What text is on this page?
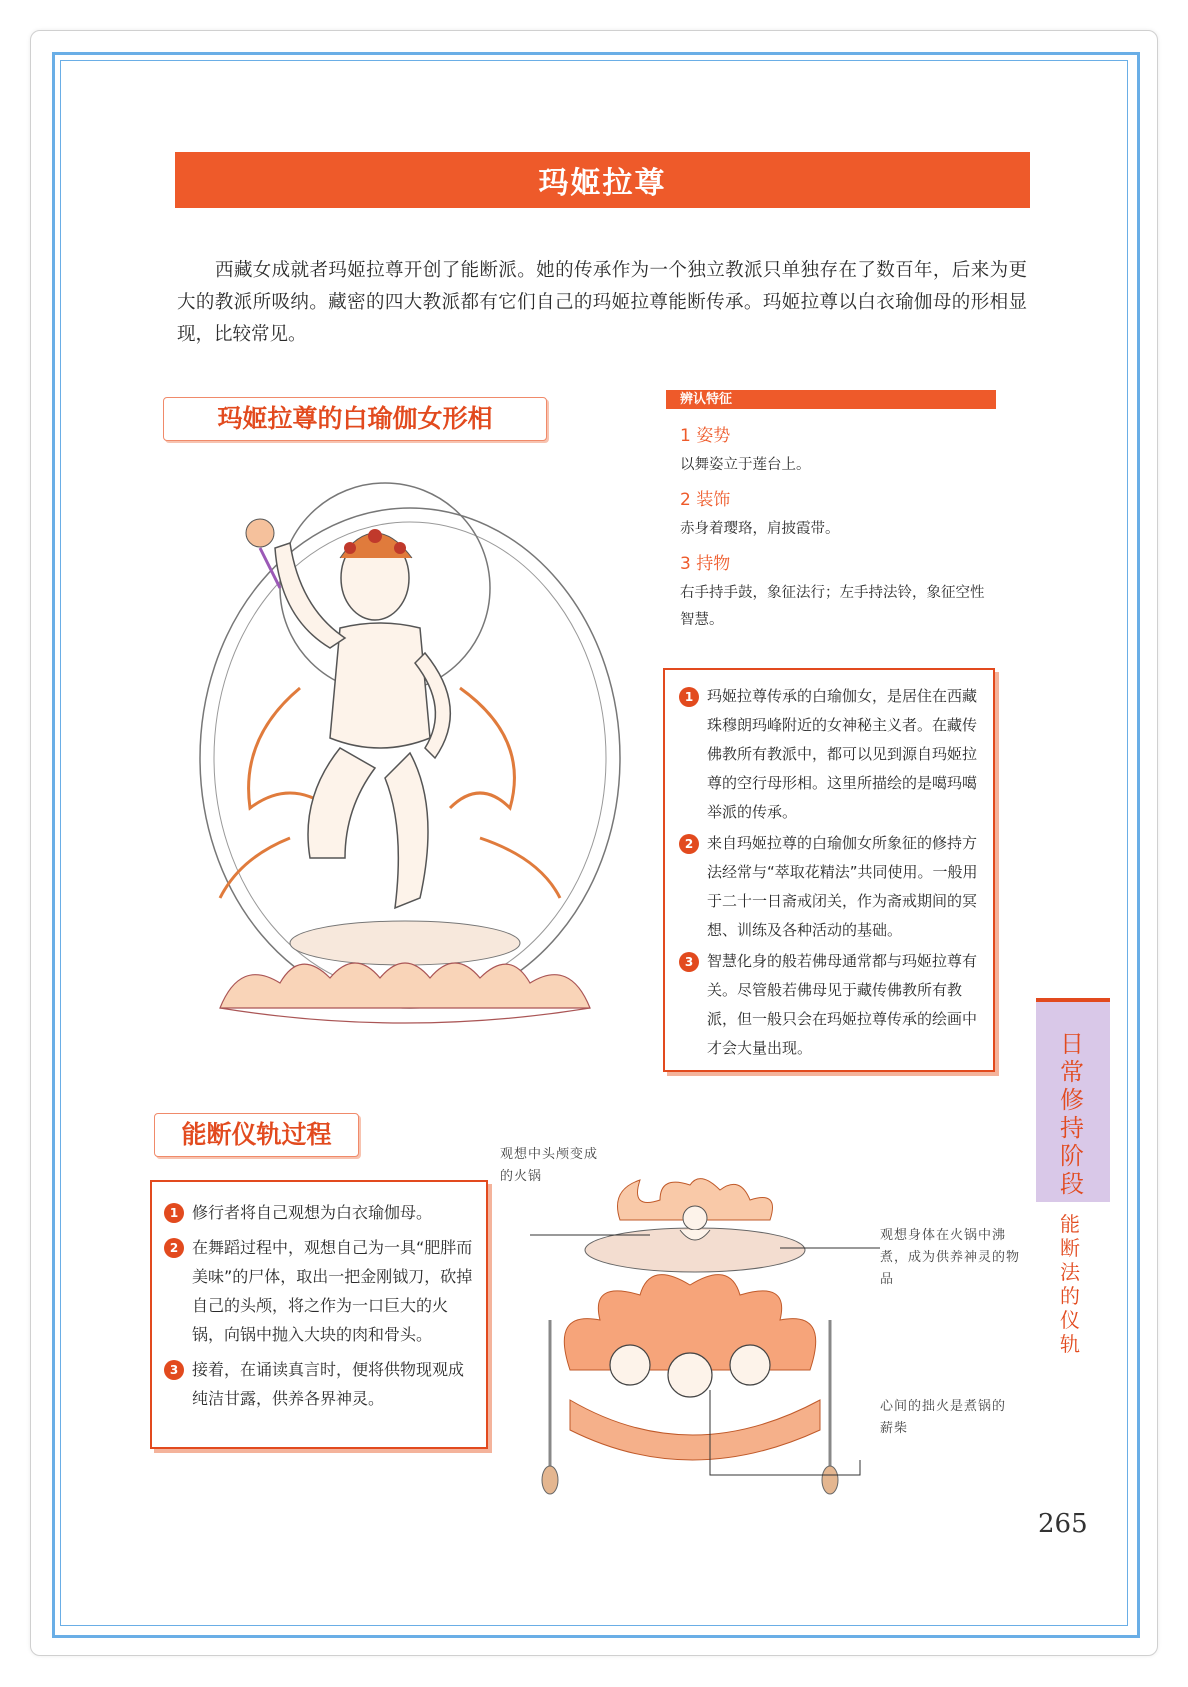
玛姬拉尊

西藏女成就者玛姬拉尊开创了能断派。她的传承作为一个独立教派只单独存在了数百年，后来为更大的教派所吸纳。藏密的四大教派都有它们自己的玛姬拉尊能断传承。玛姬拉尊以白衣瑜伽母的形相显现，比较常见。

玛姬拉尊的白瑜伽女形相
辨认特征
1 姿势
以舞姿立于莲台上。
2 装饰
赤身着璎珞，肩披霞带。
3 持物
右手持手鼓，象征法行；左手持法铃，象征空性智慧。
1 玛姬拉尊传承的白瑜伽女，是居住在西藏珠穆朗玛峰附近的女神秘主义者。在藏传佛教所有教派中，都可以见到源自玛姬拉尊的空行母形相。这里所描绘的是噶玛噶举派的传承。
2 来自玛姬拉尊的白瑜伽女所象征的修持方法经常与“萃取花精法”共同使用。一般用于二十一日斋戒闭关，作为斋戒期间的冥想、训练及各种活动的基础。
3 智慧化身的般若佛母通常都与玛姬拉尊有关。尽管般若佛母见于藏传佛教所有教派，但一般只会在玛姬拉尊传承的绘画中才会大量出现。	日常修持阶段
能断法的仪轨
能断仪轨过程
1 修行者将自己观想为白衣瑜伽母。
2 在舞蹈过程中，观想自己为一具“肥胖而美味”的尸体，取出一把金刚钺刀，砍掉自己的头颅，将之作为一口巨大的火锅，向锅中抛入大块的肉和骨头。
3 接着，在诵读真言时，便将供物现观成纯洁甘露，供养各界神灵。
观想中头颅变成的火锅
观想身体在火锅中沸煮，成为供养神灵的物品
心间的拙火是煮锅的薪柴
265
